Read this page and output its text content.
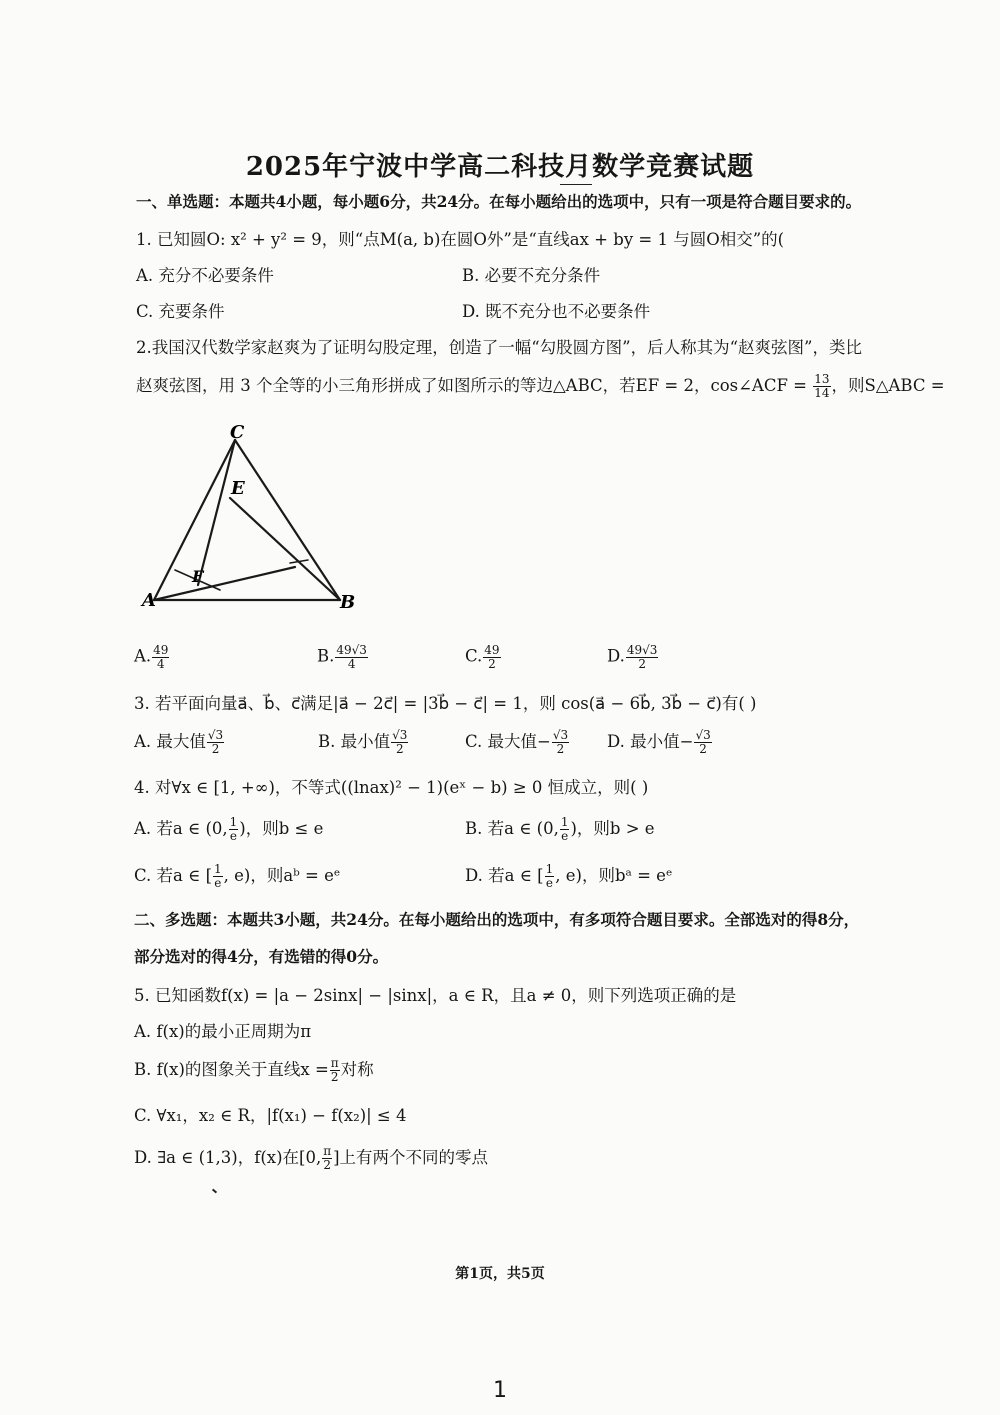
2025年宁波中学高二科技月数学竞赛试题
一、单选题：本题共4小题，每小题6分，共24分。在每小题给出的选项中，只有一项是符合题目要求的。
1. 已知圆O: x² + y² = 9，则“点M(a, b)在圆O外”是“直线ax + by = 1 与圆O相交”的(
A. 充分不必要条件	B. 必要不充分条件
C. 充要条件	D. 既不充分也不必要条件
2.我国汉代数学家赵爽为了证明勾股定理，创造了一幅“勾股圆方图”，后人称其为“赵爽弦图”，类比
赵爽弦图，用 3 个全等的小三角形拼成了如图所示的等边△ABC，若EF = 2，cos∠ACF = $\frac{13}{14}$ ，则S△ABC =
C
E
F
A	B
A. $\frac{49}{4}$	B. $\frac{49√3}{4}$	C. $\frac{49}{2}$	D. $\frac{49√3}{2}$
3. 若平面向量a⃗、b⃗、c⃗满足|a⃗ − 2c⃗| = |3b⃗ − c⃗| = 1，则 cos(a⃗ − 6b⃗, 3b⃗ − c⃗)有( )
A. 最大值 $\frac{√3}{2}$	B. 最小值 $\frac{√3}{2}$	C. 最大值− $\frac{√3}{2} D$. 最小值− $\frac{√3}{2}$
4. 对∀x ∈ [1, +∞)，不等式((lnax)² − 1)(eˣ − b) ≥ 0 恒成立，则( )
A. 若a ∈ (0, $\frac{1}{e}$ )，则b ≤ e	B. 若a ∈ (0, $\frac{1}{e}$ )，则b > e
C. 若a ∈ [ $\frac{1}{e}$ , e)，则aᵇ = eᵉ	D. 若a ∈ [ $\frac{1}{e}$ , e)，则bᵃ = eᵉ
二、多选题：本题共3小题，共24分。在每小题给出的选项中，有多项符合题目要求。全部选对的得8分，
部分选对的得4分，有选错的得0分。
5. 已知函数f(x) = |a − 2sinx| − |sinx|，a ∈ R，且a ≠ 0，则下列选项正确的是
A. f(x)的最小正周期为π
B. f(x)的图象关于直线$x = \frac{\pi}{2}$ 对称
C. ∀x₁，x₂ ∈ R，|f(x₁) − f(x₂)| ≤ 4
D. ∃a ∈ (1,3)，f(x)在[0, $\frac{\pi}{2}$ ]上有两个不同的零点
第1页，共5页
1
